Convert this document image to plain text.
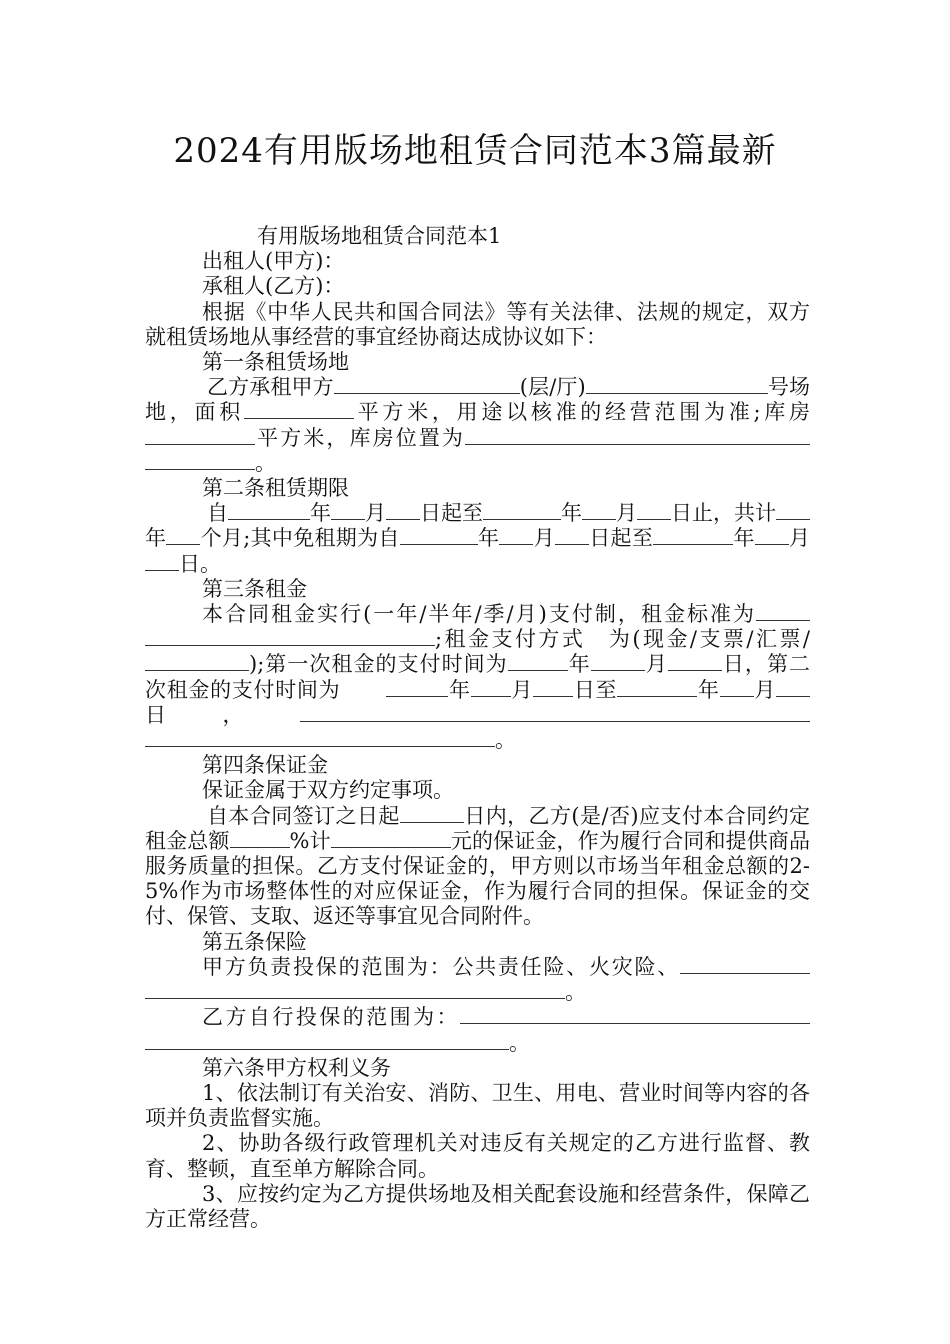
2024有用版场地租赁合同范本3篇最新

有用版场地租赁合同范本1

出租人(甲方)：

承租人(乙方)：

根据《中华人民共和国合同法》等有关法律、法规的规定，双方就租赁场地从事经营的事宜经协商达成协议如下：

第一条租赁场地

乙方承租甲方	(层/厅)	号场地，面积	平方米，用途以核准的经营范围为准;库房平方米，库房位置为。

第二条租赁期限

自	年 月 日起至	年 月 日止，共计年 个月;其中免租期为自	年 月 日起至	年 月日。

第三条租金

本合同租金实行(一年/半年/季/月)支付制，租金标准为;租金支付方式　为(现金/支票/汇票/);第一次租金的支付时间为	年	月	日，第二次租金的支付时间为	年 月 日至	年 月日，。

第四条保证金

保证金属于双方约定事项。

自本合同签订之日起	日内，乙方(是/否)应支付本合同约定租金总额	%计	元的保证金，作为履行合同和提供商品服务质量的担保。乙方支付保证金的，甲方则以市场当年租金总额的2-5%作为市场整体性的对应保证金，作为履行合同的担保。保证金的交付、保管、支取、返还等事宜见合同附件。

第五条保险

甲方负责投保的范围为：公共责任险、火灾险、。

乙方自行投保的范围为：。

第六条甲方权利义务

1、依法制订有关治安、消防、卫生、用电、营业时间等内容的各项并负责监督实施。

2、协助各级行政管理机关对违反有关规定的乙方进行监督、教育、整顿，直至单方解除合同。

3、应按约定为乙方提供场地及相关配套设施和经营条件，保障乙方正常经营。
